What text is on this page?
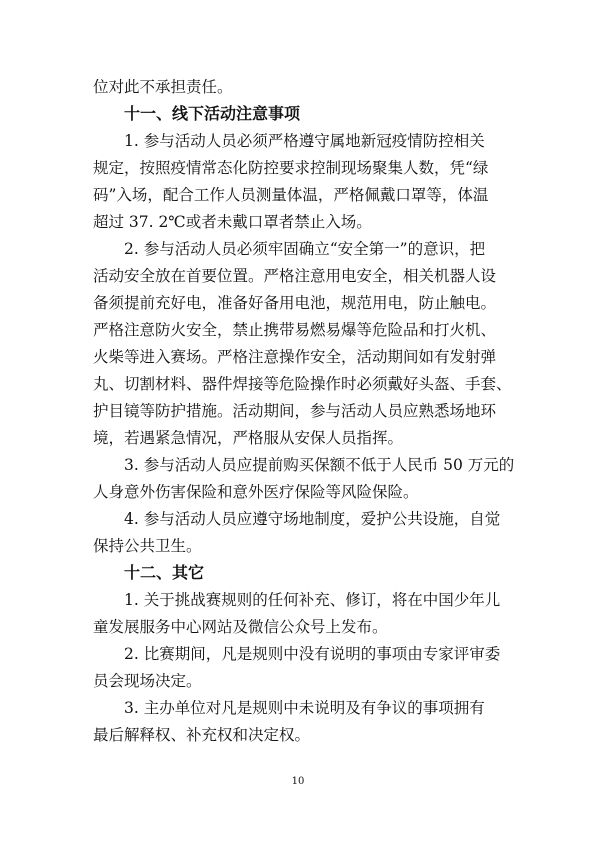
位对此不承担责任。
十一、线下活动注意事项
1. 参与活动人员必须严格遵守属地新冠疫情防控相关
规定，按照疫情常态化防控要求控制现场聚集人数，凭“绿
码”入场，配合工作人员测量体温，严格佩戴口罩等，体温
超过 37. 2℃或者未戴口罩者禁止入场。
2. 参与活动人员必须牢固确立“安全第一”的意识，把
活动安全放在首要位置。严格注意用电安全，相关机器人设
备须提前充好电，准备好备用电池，规范用电，防止触电。
严格注意防火安全，禁止携带易燃易爆等危险品和打火机、
火柴等进入赛场。严格注意操作安全，活动期间如有发射弹
丸、切割材料、器件焊接等危险操作时必须戴好头盔、手套、
护目镜等防护措施。活动期间，参与活动人员应熟悉场地环
境，若遇紧急情况，严格服从安保人员指挥。
3. 参与活动人员应提前购买保额不低于人民币 50 万元的
人身意外伤害保险和意外医疗保险等风险保险。
4. 参与活动人员应遵守场地制度，爱护公共设施，自觉
保持公共卫生。
十二、其它
1. 关于挑战赛规则的任何补充、修订，将在中国少年儿
童发展服务中心网站及微信公众号上发布。
2. 比赛期间，凡是规则中没有说明的事项由专家评审委
员会现场决定。
3. 主办单位对凡是规则中未说明及有争议的事项拥有
最后解释权、补充权和决定权。
10
